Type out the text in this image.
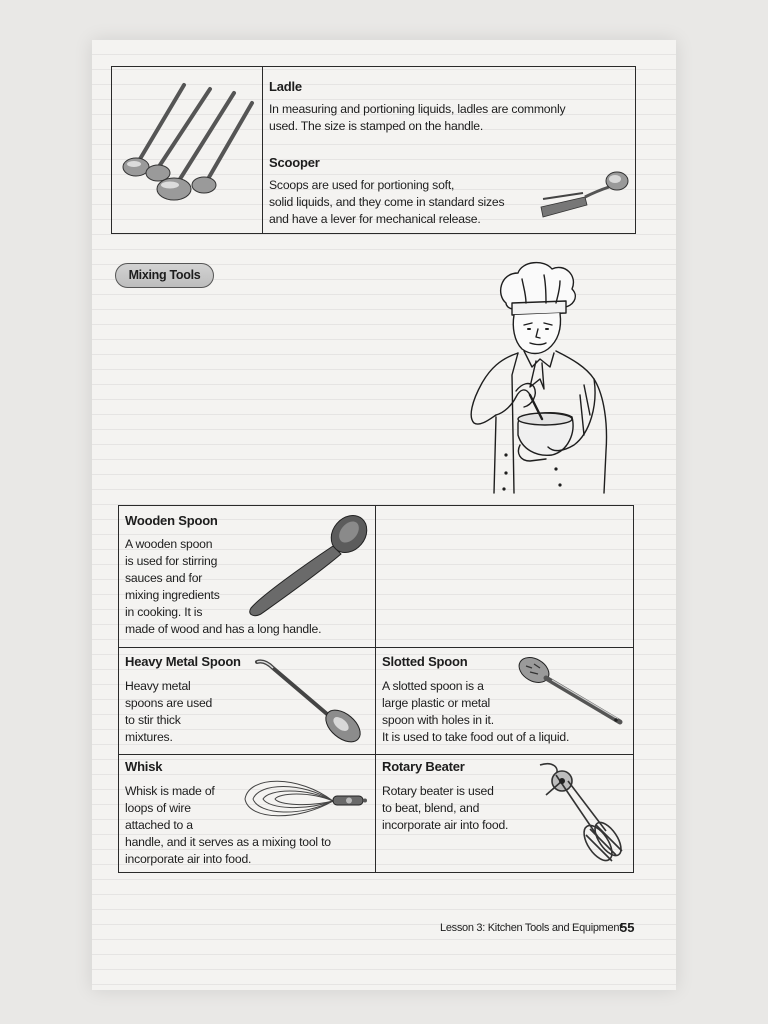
Ladle
In measuring and portioning liquids, ladles are commonly
used. The size is stamped on the handle.
Scooper
Scoops are used for portioning soft,
solid liquids, and they come in standard sizes
and have a lever for mechanical release.
Mixing Tools
Wooden Spoon
A wooden spoon
is used for stirring
sauces and for
mixing ingredients
in cooking. It is
made of wood and has a long handle.
Heavy Metal Spoon
Heavy metal
spoons are used
to stir thick
mixtures.
Slotted Spoon
A slotted spoon is a
large plastic or metal
spoon with holes in it.
It is used to take food out of a liquid.
Whisk
Whisk is made of
loops of wire
attached to a
handle, and it serves as a mixing tool to
incorporate air into food.
Rotary Beater
Rotary beater is used
to beat, blend, and
incorporate air into food.
Lesson 3: Kitchen Tools and Equipment
55
